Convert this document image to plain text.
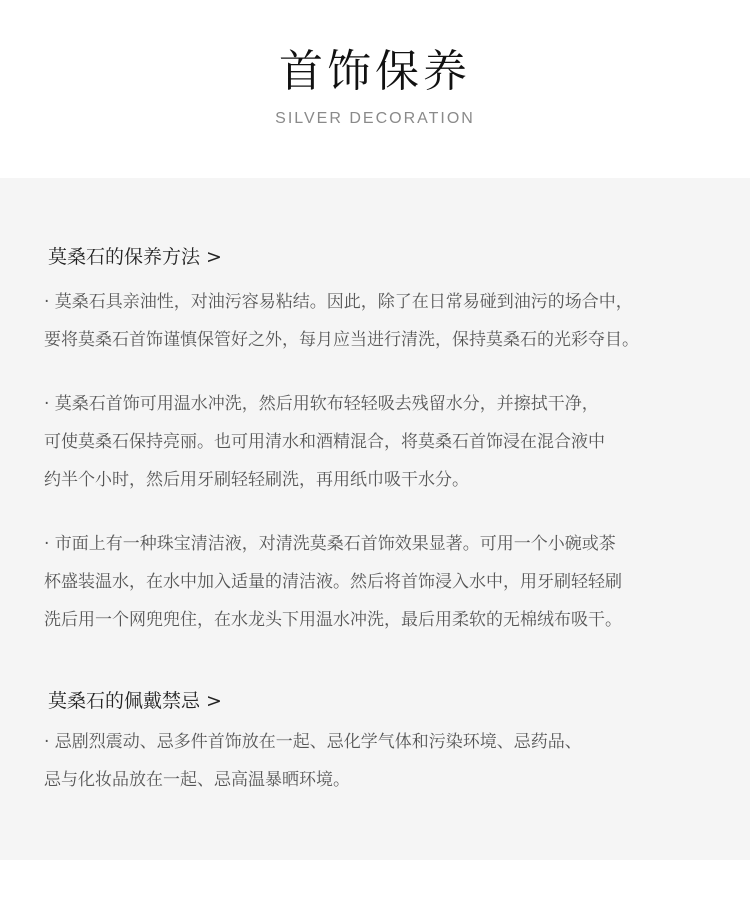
首饰保养
SILVER DECORATION
莫桑石的保养方法 >
· 莫桑石具亲油性，对油污容易粘结。因此，除了在日常易碰到油污的场合中，
要将莫桑石首饰谨慎保管好之外，每月应当进行清洗，保持莫桑石的光彩夺目。
· 莫桑石首饰可用温水冲洗，然后用软布轻轻吸去残留水分，并擦拭干净，
可使莫桑石保持亮丽。也可用清水和酒精混合，将莫桑石首饰浸在混合液中
约半个小时，然后用牙刷轻轻刷洗，再用纸巾吸干水分。
· 市面上有一种珠宝清洁液，对清洗莫桑石首饰效果显著。可用一个小碗或茶
杯盛装温水，在水中加入适量的清洁液。然后将首饰浸入水中，用牙刷轻轻刷
洗后用一个网兜兜住，在水龙头下用温水冲洗，最后用柔软的无棉绒布吸干。
莫桑石的佩戴禁忌 >
· 忌剧烈震动、忌多件首饰放在一起、忌化学气体和污染环境、忌药品、
忌与化妆品放在一起、忌高温暴晒环境。
